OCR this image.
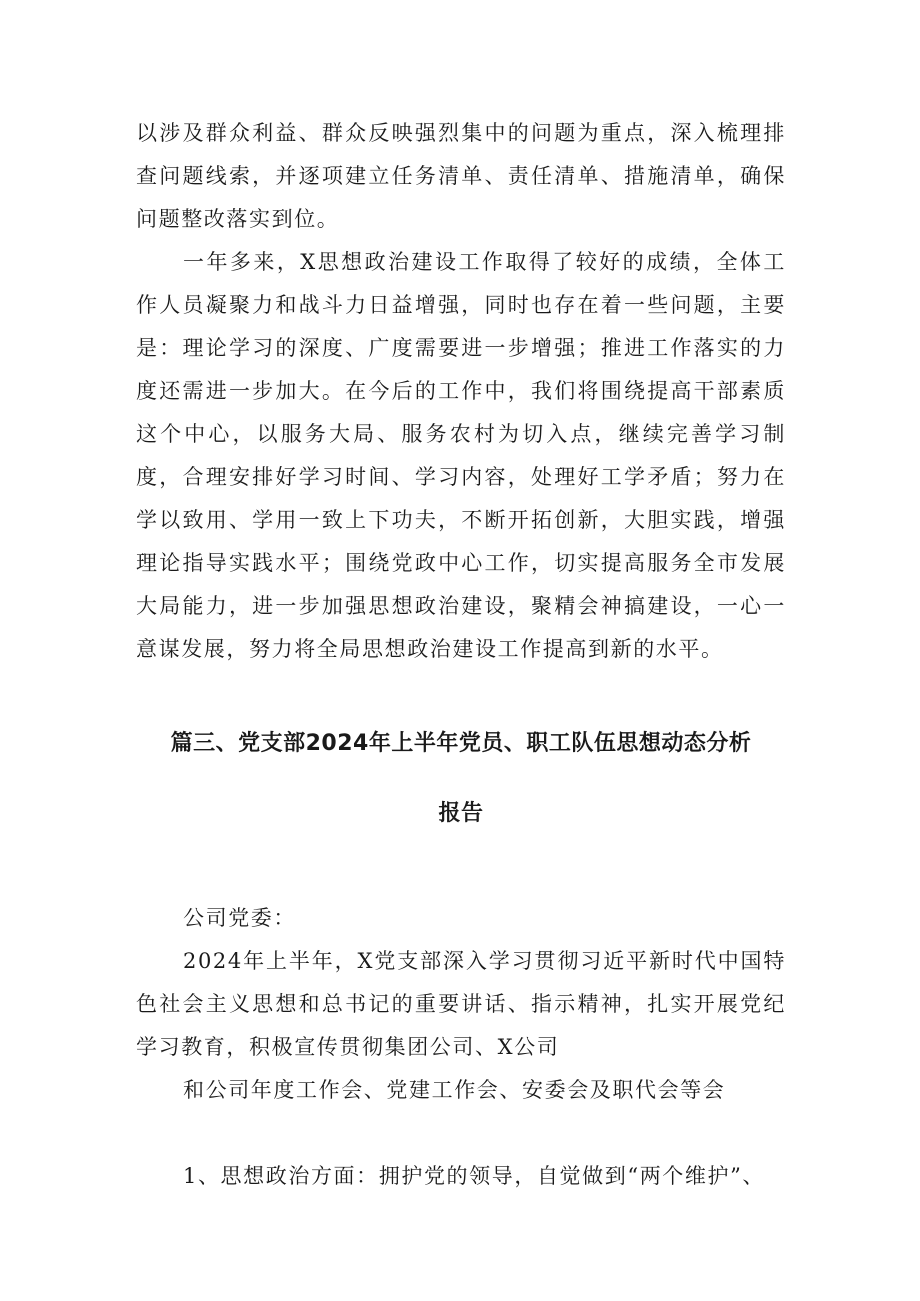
以涉及群众利益、群众反映强烈集中的问题为重点，深入梳理排查问题线索，并逐项建立任务清单、责任清单、措施清单，确保问题整改落实到位。

一年多来，X思想政治建设工作取得了较好的成绩，全体工作人员凝聚力和战斗力日益增强，同时也存在着一些问题，主要是：理论学习的深度、广度需要进一步增强；推进工作落实的力度还需进一步加大。在今后的工作中，我们将围绕提高干部素质这个中心，以服务大局、服务农村为切入点，继续完善学习制度，合理安排好学习时间、学习内容，处理好工学矛盾；努力在学以致用、学用一致上下功夫，不断开拓创新，大胆实践，增强理论指导实践水平；围绕党政中心工作，切实提高服务全市发展大局能力，进一步加强思想政治建设，聚精会神搞建设，一心一意谋发展，努力将全局思想政治建设工作提高到新的水平。

篇三、党支部2024年上半年党员、职工队伍思想动态分析
报告

公司党委：

2024年上半年，X党支部深入学习贯彻习近平新时代中国特色社会主义思想和总书记的重要讲话、指示精神，扎实开展党纪学习教育，积极宣传贯彻集团公司、X公司

和公司年度工作会、党建工作会、安委会及职代会等会

1、思想政治方面：拥护党的领导，自觉做到“两个维护”、
